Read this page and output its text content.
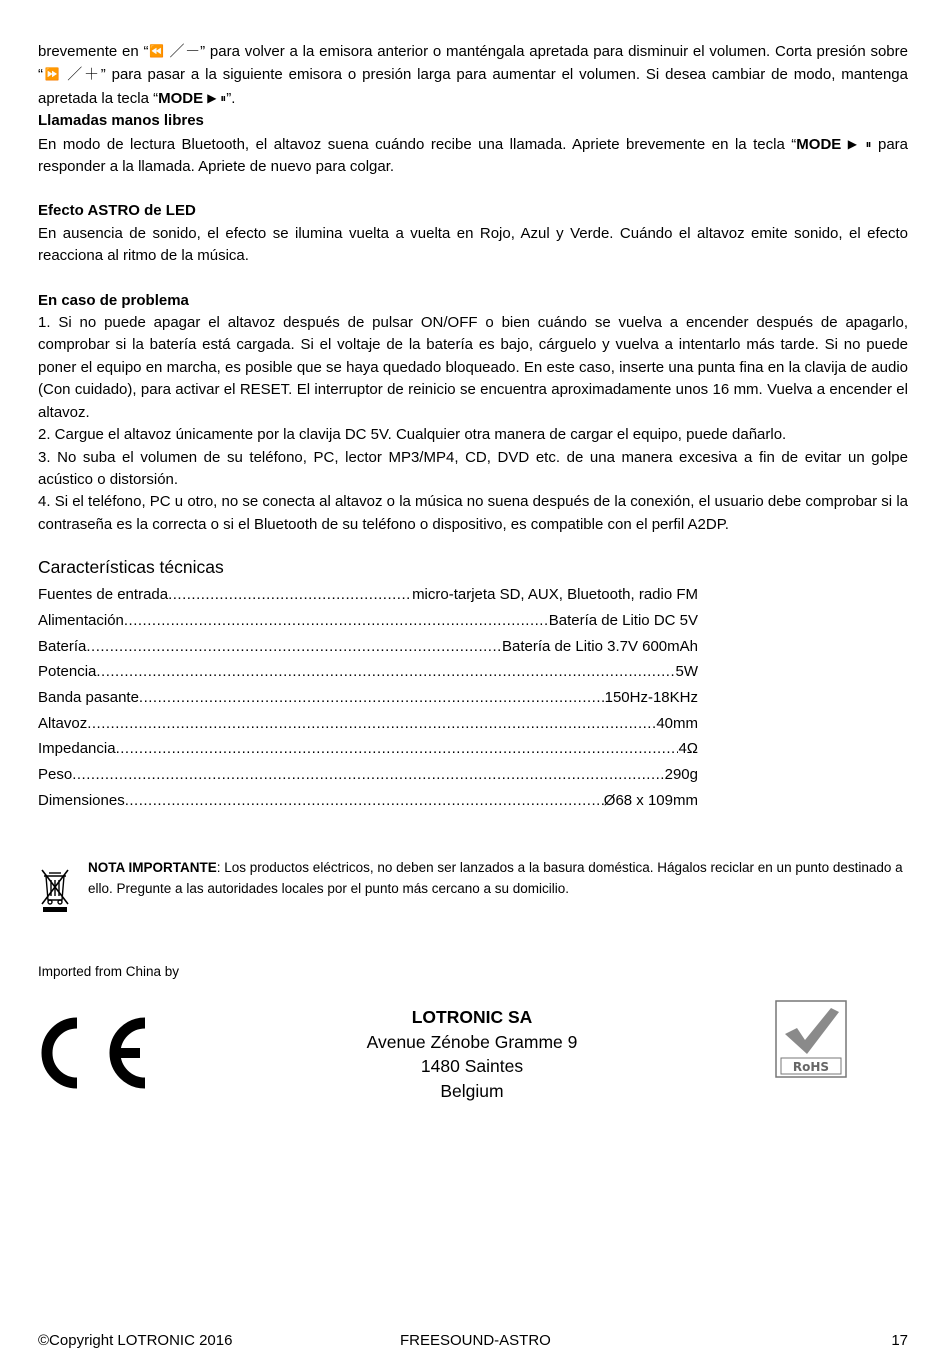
brevemente en “⏪ ／－” para volver a la emisora anterior o manténgala apretada para disminuir el volumen. Corta presión sobre “⏩ ／＋” para pasar a la siguiente emisora o presión larga para aumentar el volumen. Si desea cambiar de modo, mantenga apretada la tecla “MODE ▶ ⏸”.

Llamadas manos libres

En modo de lectura Bluetooth, el altavoz suena cuándo recibe una llamada. Apriete brevemente en la tecla “MODE ▶ ⏸ para responder a la llamada. Apriete de nuevo para colgar.

Efecto ASTRO de LED

En ausencia de sonido, el efecto se ilumina vuelta a vuelta en Rojo, Azul y Verde. Cuándo el altavoz emite sonido, el efecto reacciona al ritmo de la música.

En caso de problema

1. Si no puede apagar el altavoz después de pulsar ON/OFF o bien cuándo se vuelva a encender después de apagarlo, comprobar si la batería está cargada. Si el voltaje de la batería es bajo, cárguelo y vuelva a intentarlo más tarde. Si no puede poner el equipo en marcha, es posible que se haya quedado bloqueado. En este caso, inserte una punta fina en la clavija de audio (Con cuidado), para activar el RESET. El interruptor de reinicio se encuentra aproximadamente unos 16 mm. Vuelva a encender el altavoz.

2. Cargue el altavoz únicamente por la clavija DC 5V. Cualquier otra manera de cargar el equipo, puede dañarlo.

3. No suba el volumen de su teléfono, PC, lector MP3/MP4, CD, DVD etc. de una manera excesiva a fin de evitar un golpe acústico o distorsión.

4. Si el teléfono, PC u otro, no se conecta al altavoz o la música no suena después de la conexión, el usuario debe comprobar si la contraseña es la correcta o si el Bluetooth de su teléfono o dispositivo, es compatible con el perfil A2DP.

Características técnicas
Fuentes de entrada .....	micro-tarjeta SD, AUX, Bluetooth, radio FM
Alimentación .....	Batería de Litio DC 5V
Batería .....	Batería de Litio 3.7V 600mAh
Potencia .....	5W
Banda pasante .....	150Hz-18KHz
Altavoz .....	40mm
Impedancia .....	4Ω
Peso .....	290g
Dimensiones .....	Ø68 x 109mm
NOTA IMPORTANTE: Los productos eléctricos, no deben ser lanzados a la basura doméstica. Hágalos reciclar en un punto destinado a ello. Pregunte a las autoridades locales por el punto más cercano a su domicilio.
Imported from China by
LOTRONIC SA
Avenue Zénobe Gramme 9
1480 Saintes
Belgium
RoHS
©Copyright LOTRONIC 2016	FREESOUND-ASTRO	17
